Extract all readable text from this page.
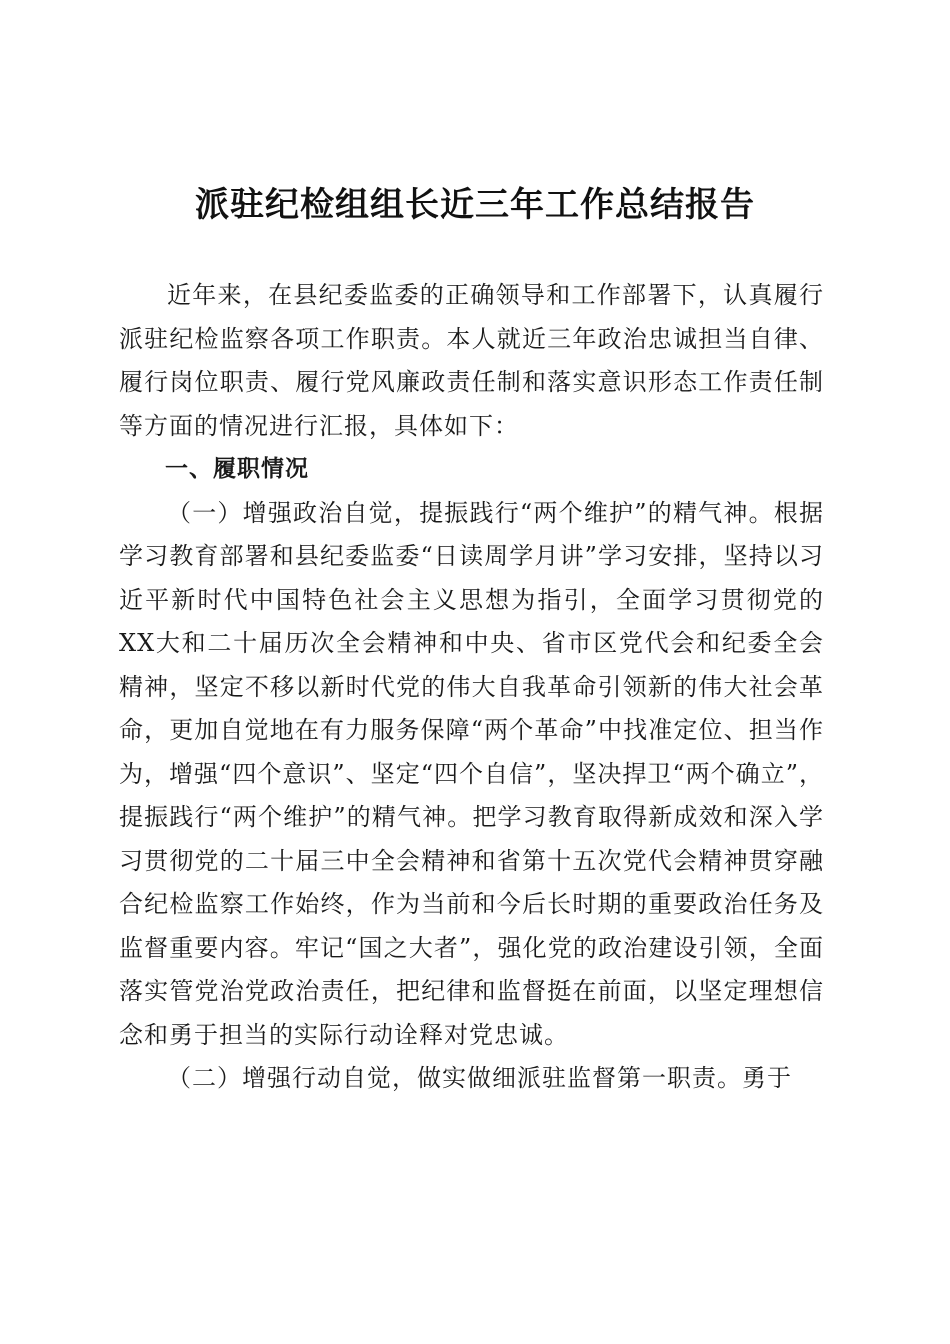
派驻纪检组组长近三年工作总结报告

近年来，在县纪委监委的正确领导和工作部署下，认真履行派驻纪检监察各项工作职责。本人就近三年政治忠诚担当自律、履行岗位职责、履行党风廉政责任制和落实意识形态工作责任制等方面的情况进行汇报，具体如下：

一、履职情况

（一）增强政治自觉，提振践行“两个维护”的精气神。根据学习教育部署和县纪委监委“日读周学月讲”学习安排，坚持以习近平新时代中国特色社会主义思想为指引，全面学习贯彻党的XX大和二十届历次全会精神和中央、省市区党代会和纪委全会精神，坚定不移以新时代党的伟大自我革命引领新的伟大社会革命，更加自觉地在有力服务保障“两个革命”中找准定位、担当作为，增强“四个意识”、坚定“四个自信”，坚决捍卫“两个确立”，提振践行“两个维护”的精气神。把学习教育取得新成效和深入学习贯彻党的二十届三中全会精神和省第十五次党代会精神贯穿融合纪检监察工作始终，作为当前和今后长时期的重要政治任务及监督重要内容。牢记“国之大者”，强化党的政治建设引领，全面落实管党治党政治责任，把纪律和监督挺在前面，以坚定理想信念和勇于担当的实际行动诠释对党忠诚。

（二）增强行动自觉，做实做细派驻监督第一职责。勇于
